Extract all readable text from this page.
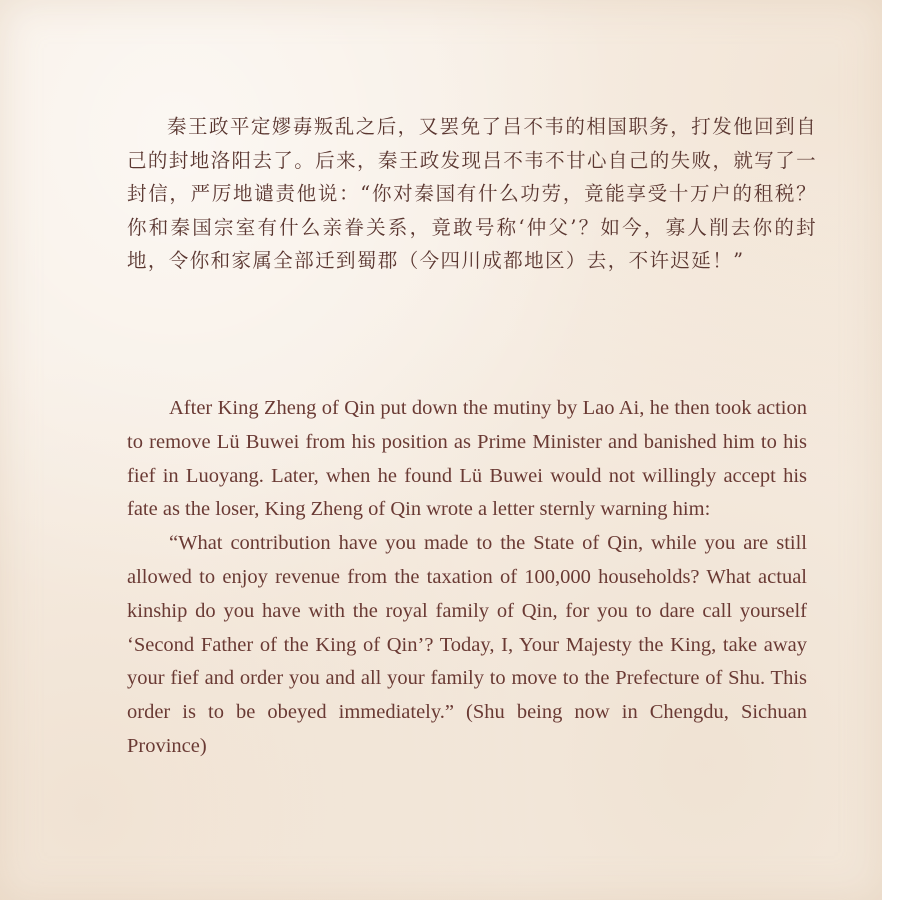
秦王政平定嫪毐叛乱之后，又罢免了吕不韦的相国职务，打发他回到自己的封地洛阳去了。后来，秦王政发现吕不韦不甘心自己的失败，就写了一封信，严厉地谴责他说：“你对秦国有什么功劳，竟能享受十万户的租税？你和秦国宗室有什么亲眷关系，竟敢号称‘仲父’？如今，寡人削去你的封地，令你和家属全部迁到蜀郡（今四川成都地区）去，不许迟延！”

After King Zheng of Qin put down the mutiny by Lao Ai, he then took action to remove Lü Buwei from his position as Prime Minister and banished him to his fief in Luoyang. Later, when he found Lü Buwei would not willingly accept his fate as the loser, King Zheng of Qin wrote a letter sternly warning him:

“What contribution have you made to the State of Qin, while you are still allowed to enjoy revenue from the taxation of 100,000 households? What actual kinship do you have with the royal family of Qin, for you to dare call yourself ‘Second Father of the King of Qin’? Today, I, Your Majesty the King, take away your fief and order you and all your family to move to the Prefecture of Shu. This order is to be obeyed immediately.” (Shu being now in Chengdu, Sichuan Province)
